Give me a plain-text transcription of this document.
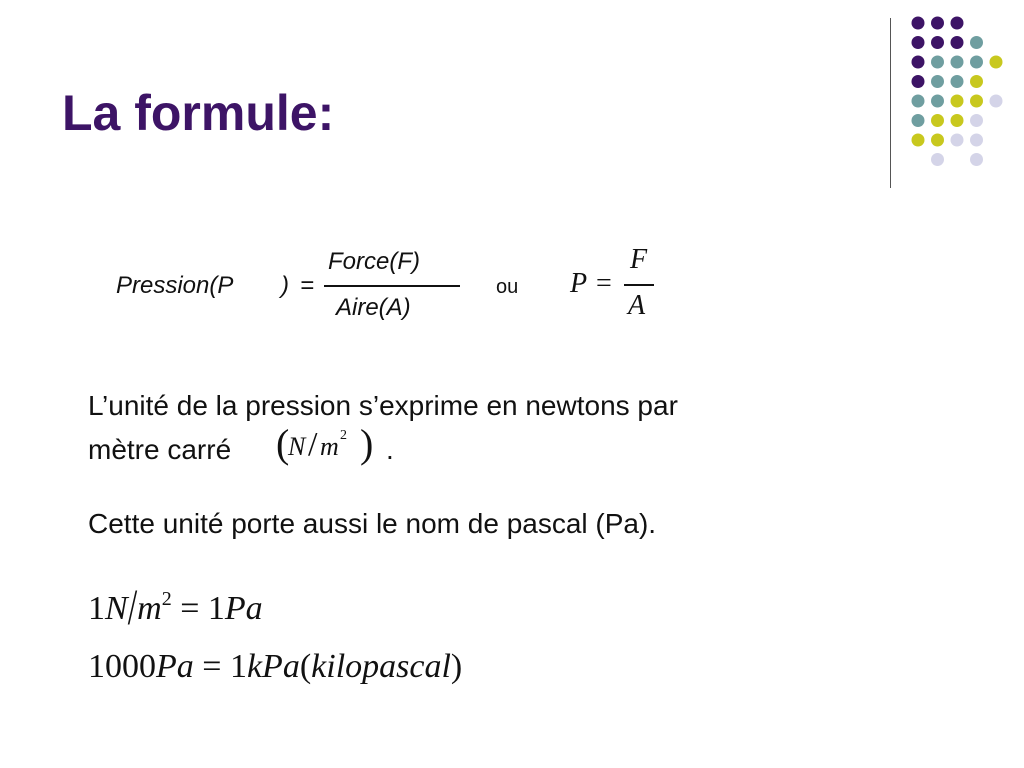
La formule:
Pression(P ) =
Force(F)
Aire(A)
ou P =
F
A
L’unité de la pression s’exprime en newtons par
mètre carré (
N / m 2 ) .
Cette unité porte aussi le nom de pascal (Pa).
$1N/m^2 = 1Pa$
1000Pa = 1kPa(kilopascal)
